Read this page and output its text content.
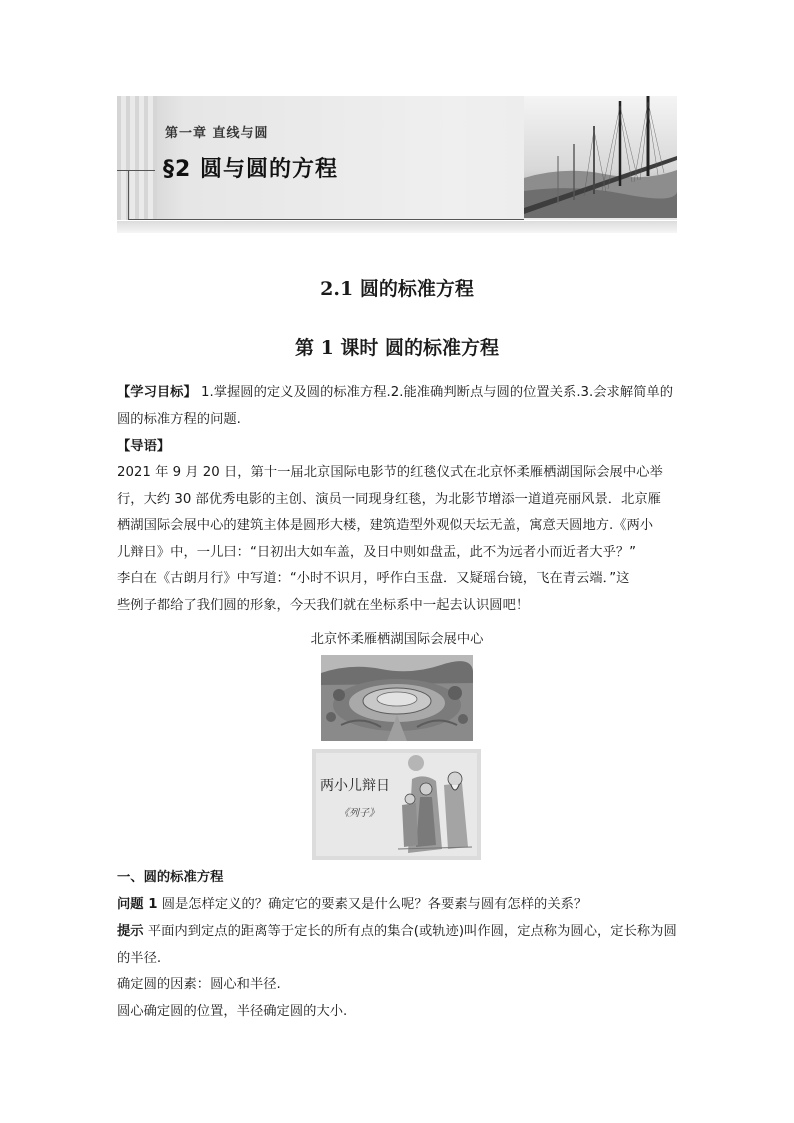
第一章 直线与圆
§2 圆与圆的方程
2.1 圆的标准方程
第 1 课时 圆的标准方程
【学习目标】 1.掌握圆的定义及圆的标准方程.2.能准确判断点与圆的位置关系.3.会求解简单的圆的标准方程的问题.
【导语】
2021 年 9 月 20 日，第十一届北京国际电影节的红毯仪式在北京怀柔雁栖湖国际会展中心举
行，大约 30 部优秀电影的主创、演员一同现身红毯，为北影节增添一道道亮丽风景．北京雁
栖湖国际会展中心的建筑主体是圆形大楼，建筑造型外观似天坛无盖，寓意天圆地方.《两小
儿辩日》中，一儿曰：“日初出大如车盖，及日中则如盘盂，此不为远者小而近者大乎？”
李白在《古朗月行》中写道：“小时不识月，呼作白玉盘．又疑瑶台镜，飞在青云端．”这
些例子都给了我们圆的形象，今天我们就在坐标系中一起去认识圆吧！
北京怀柔雁栖湖国际会展中心
两小儿辩日
《列子》
一、圆的标准方程
问题 1 圆是怎样定义的？确定它的要素又是什么呢？各要素与圆有怎样的关系？
提示 平面内到定点的距离等于定长的所有点的集合(或轨迹)叫作圆，定点称为圆心，定长称为圆的半径.
确定圆的因素：圆心和半径.
圆心确定圆的位置，半径确定圆的大小.
